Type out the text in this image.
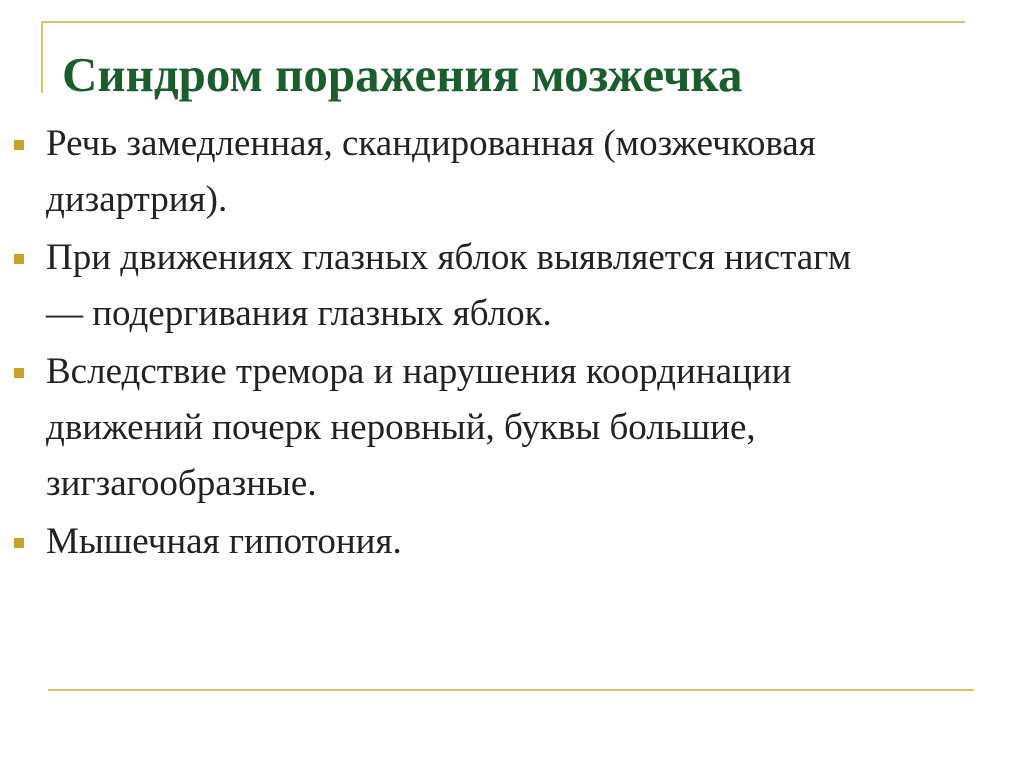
Синдром поражения мозжечка

Речь замедленная, скандированная (мозжечковая
дизартрия).

При движениях глазных яблок выявляется нистагм
— подергивания глазных яблок.

Вследствие тремора и нарушения координации
движений почерк неровный, буквы большие,
зигзагообразные.

Мышечная гипотония.
